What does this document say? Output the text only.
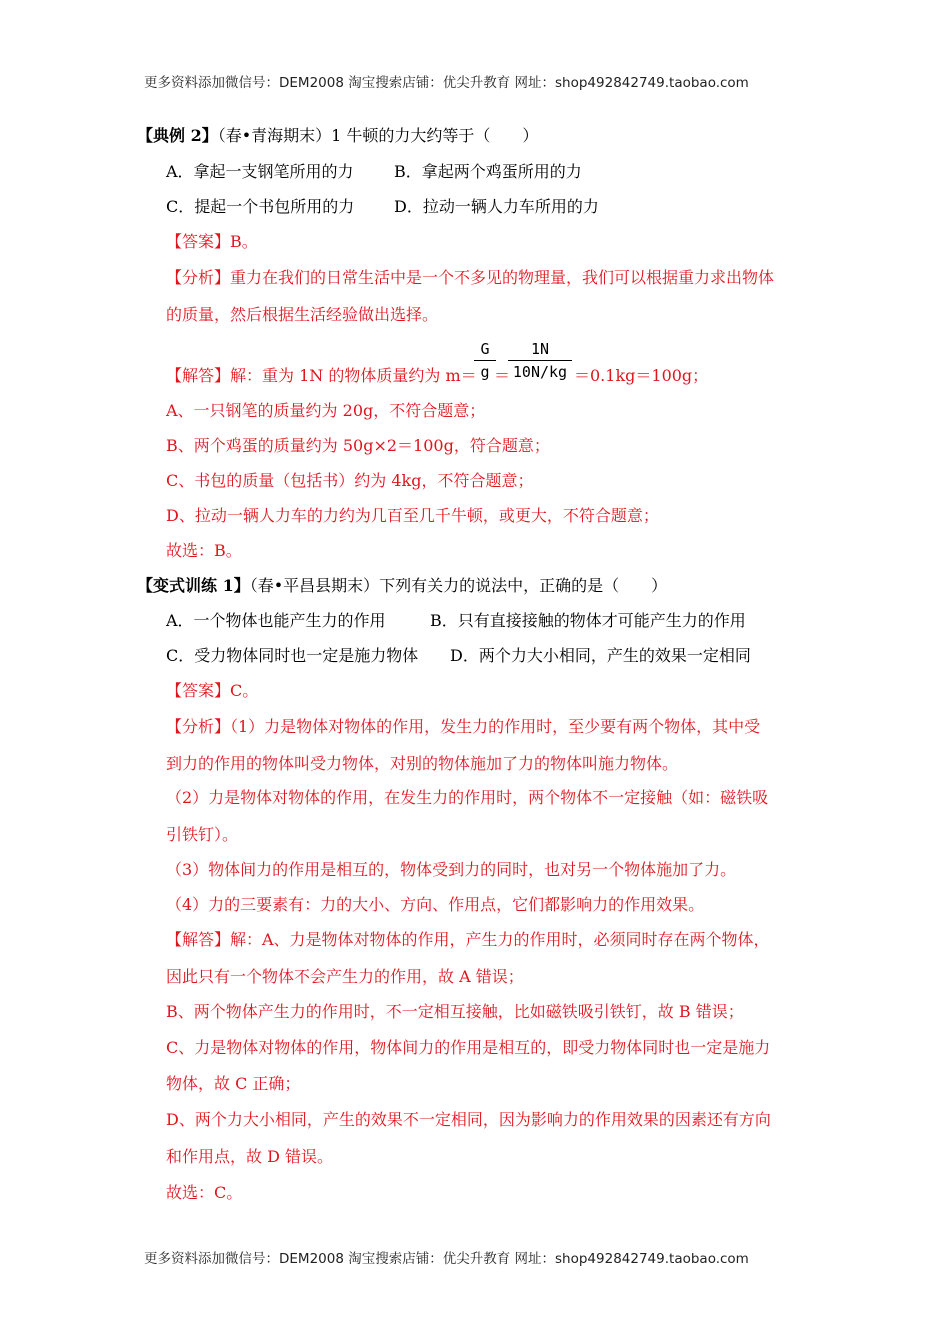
更多资料添加微信号：DEM2008 淘宝搜索店铺：优尖升教育 网址：shop492842749.taobao.com
【典例 2】（春•青海期末）1 牛顿的力大约等于（　　）
A．拿起一支钢笔所用的力	B．拿起两个鸡蛋所用的力
C．提起一个书包所用的力 D．拉动一辆人力车所用的力
【答案】B。
【分析】重力在我们的日常生活中是一个不多见的物理量，我们可以根据重力求出物体
的质量，然后根据生活经验做出选择。
【解答】解：重为 1N 的物体质量约为 m＝
$\frac{G}{g}$
＝
$\frac{1N}{10N/kg} =0.1kg=100g$；
A、一只钢笔的质量约为 20g，不符合题意；
B、两个鸡蛋的质量约为 50g×2＝100g，符合题意；
C、书包的质量（包括书）约为 4kg，不符合题意；
D、拉动一辆人力车的力约为几百至几千牛顿，或更大，不符合题意；
故选：B。
【变式训练 1】（春•平昌县期末）下列有关力的说法中，正确的是（　　）
A．一个物体也能产生力的作用	B．只有直接接触的物体才可能产生力的作用
C．受力物体同时也一定是施力物体 D．两个力大小相同，产生的效果一定相同
【答案】C。
【分析】（1）力是物体对物体的作用，发生力的作用时，至少要有两个物体，其中受
到力的作用的物体叫受力物体，对别的物体施加了力的物体叫施力物体。
（2）力是物体对物体的作用，在发生力的作用时，两个物体不一定接触（如：磁铁吸
引铁钉）。
（3）物体间力的作用是相互的，物体受到力的同时，也对另一个物体施加了力。
（4）力的三要素有：力的大小、方向、作用点，它们都影响力的作用效果。
【解答】解：A、力是物体对物体的作用，产生力的作用时，必须同时存在两个物体，
因此只有一个物体不会产生力的作用，故 A 错误；
B、两个物体产生力的作用时，不一定相互接触，比如磁铁吸引铁钉，故 B 错误；
C、力是物体对物体的作用，物体间力的作用是相互的，即受力物体同时也一定是施力
物体，故 C 正确；
D、两个力大小相同，产生的效果不一定相同，因为影响力的作用效果的因素还有方向
和作用点，故 D 错误。
故选：C。
更多资料添加微信号：DEM2008 淘宝搜索店铺：优尖升教育 网址：shop492842749.taobao.com
